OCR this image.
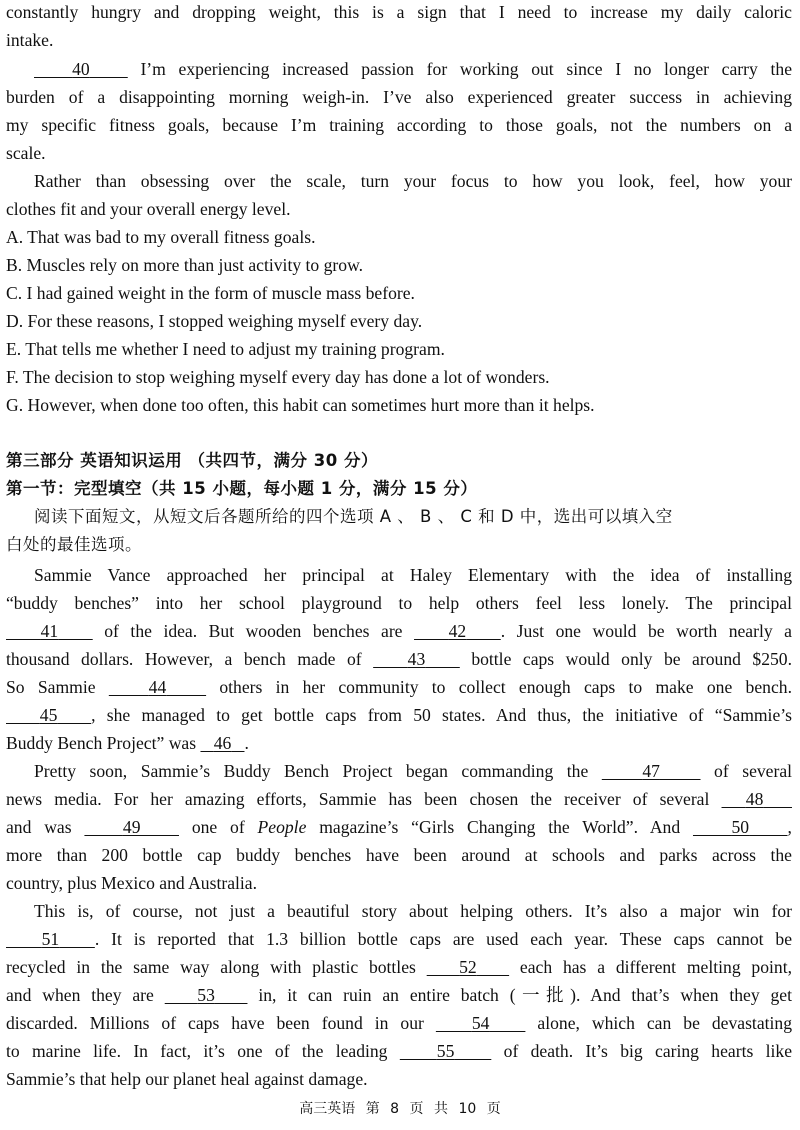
constantly hungry and dropping weight, this is a sign that I need to increase my daily caloric
intake.
40	I’m experiencing increased passion for working out since I no longer carry the
burden of a disappointing morning weigh-in. I’ve also experienced greater success in achieving
my specific fitness goals, because I’m training according to those goals, not the numbers on a
scale.
Rather than obsessing over the scale, turn your focus to how you look, feel, how your
clothes fit and your overall energy level.
A. That was bad to my overall fitness goals.
B. Muscles rely on more than just activity to grow.
C. I had gained weight in the form of muscle mass before.
D. For these reasons, I stopped weighing myself every day.
E. That tells me whether I need to adjust my training program.
F. The decision to stop weighing myself every day has done a lot of wonders.
G. However, when done too often, this habit can sometimes hurt more than it helps.
第三部分 英语知识运用 （共四节，满分 30 分）
第一节：完型填空（共 15 小题，每小题 1 分，满分 15 分）
阅读下面短文，从短文后各题所给的四个选项 A 、 B 、 C 和 D 中，选出可以填入空
白处的最佳选项。
Sammie Vance approached her principal at Haley Elementary with the idea of installing
“buddy benches” into her school playground to help others feel less lonely. The principal
41	of the idea. But wooden benches are	42 . Just one would be worth nearly a
thousand dollars. However, a bench made of	43	bottle caps would only be around $250.
So Sammie	44	others in her community to collect enough caps to make one bench.
45 , she managed to get bottle caps from 50 states. And thus, the initiative of “Sammie’s
Buddy Bench Project” was 46 .
Pretty soon, Sammie’s Buddy Bench Project began commanding the	47	of several
news media. For her amazing efforts, Sammie has been chosen the receiver of several 48
and was	49	one of People magazine’s “Girls Changing the World”. And	50 ,
more than 200 bottle cap buddy benches have been around at schools and parks across the
country, plus Mexico and Australia.
This is, of course, not just a beautiful story about helping others. It’s also a major win for
51 . It is reported that 1.3 billion bottle caps are used each year. These caps cannot be
recycled in the same way along with plastic bottles 52 each has a different melting point,
and when they are 53 in, it can ruin an entire batch (一批). And that’s when they get
discarded. Millions of caps have been found in our	54	alone, which can be devastating
to marine life. In fact, it’s one of the leading	55	of death. It’s big caring hearts like
Sammie’s that help our planet heal against damage.
高三英语 第 8 页 共 10 页
